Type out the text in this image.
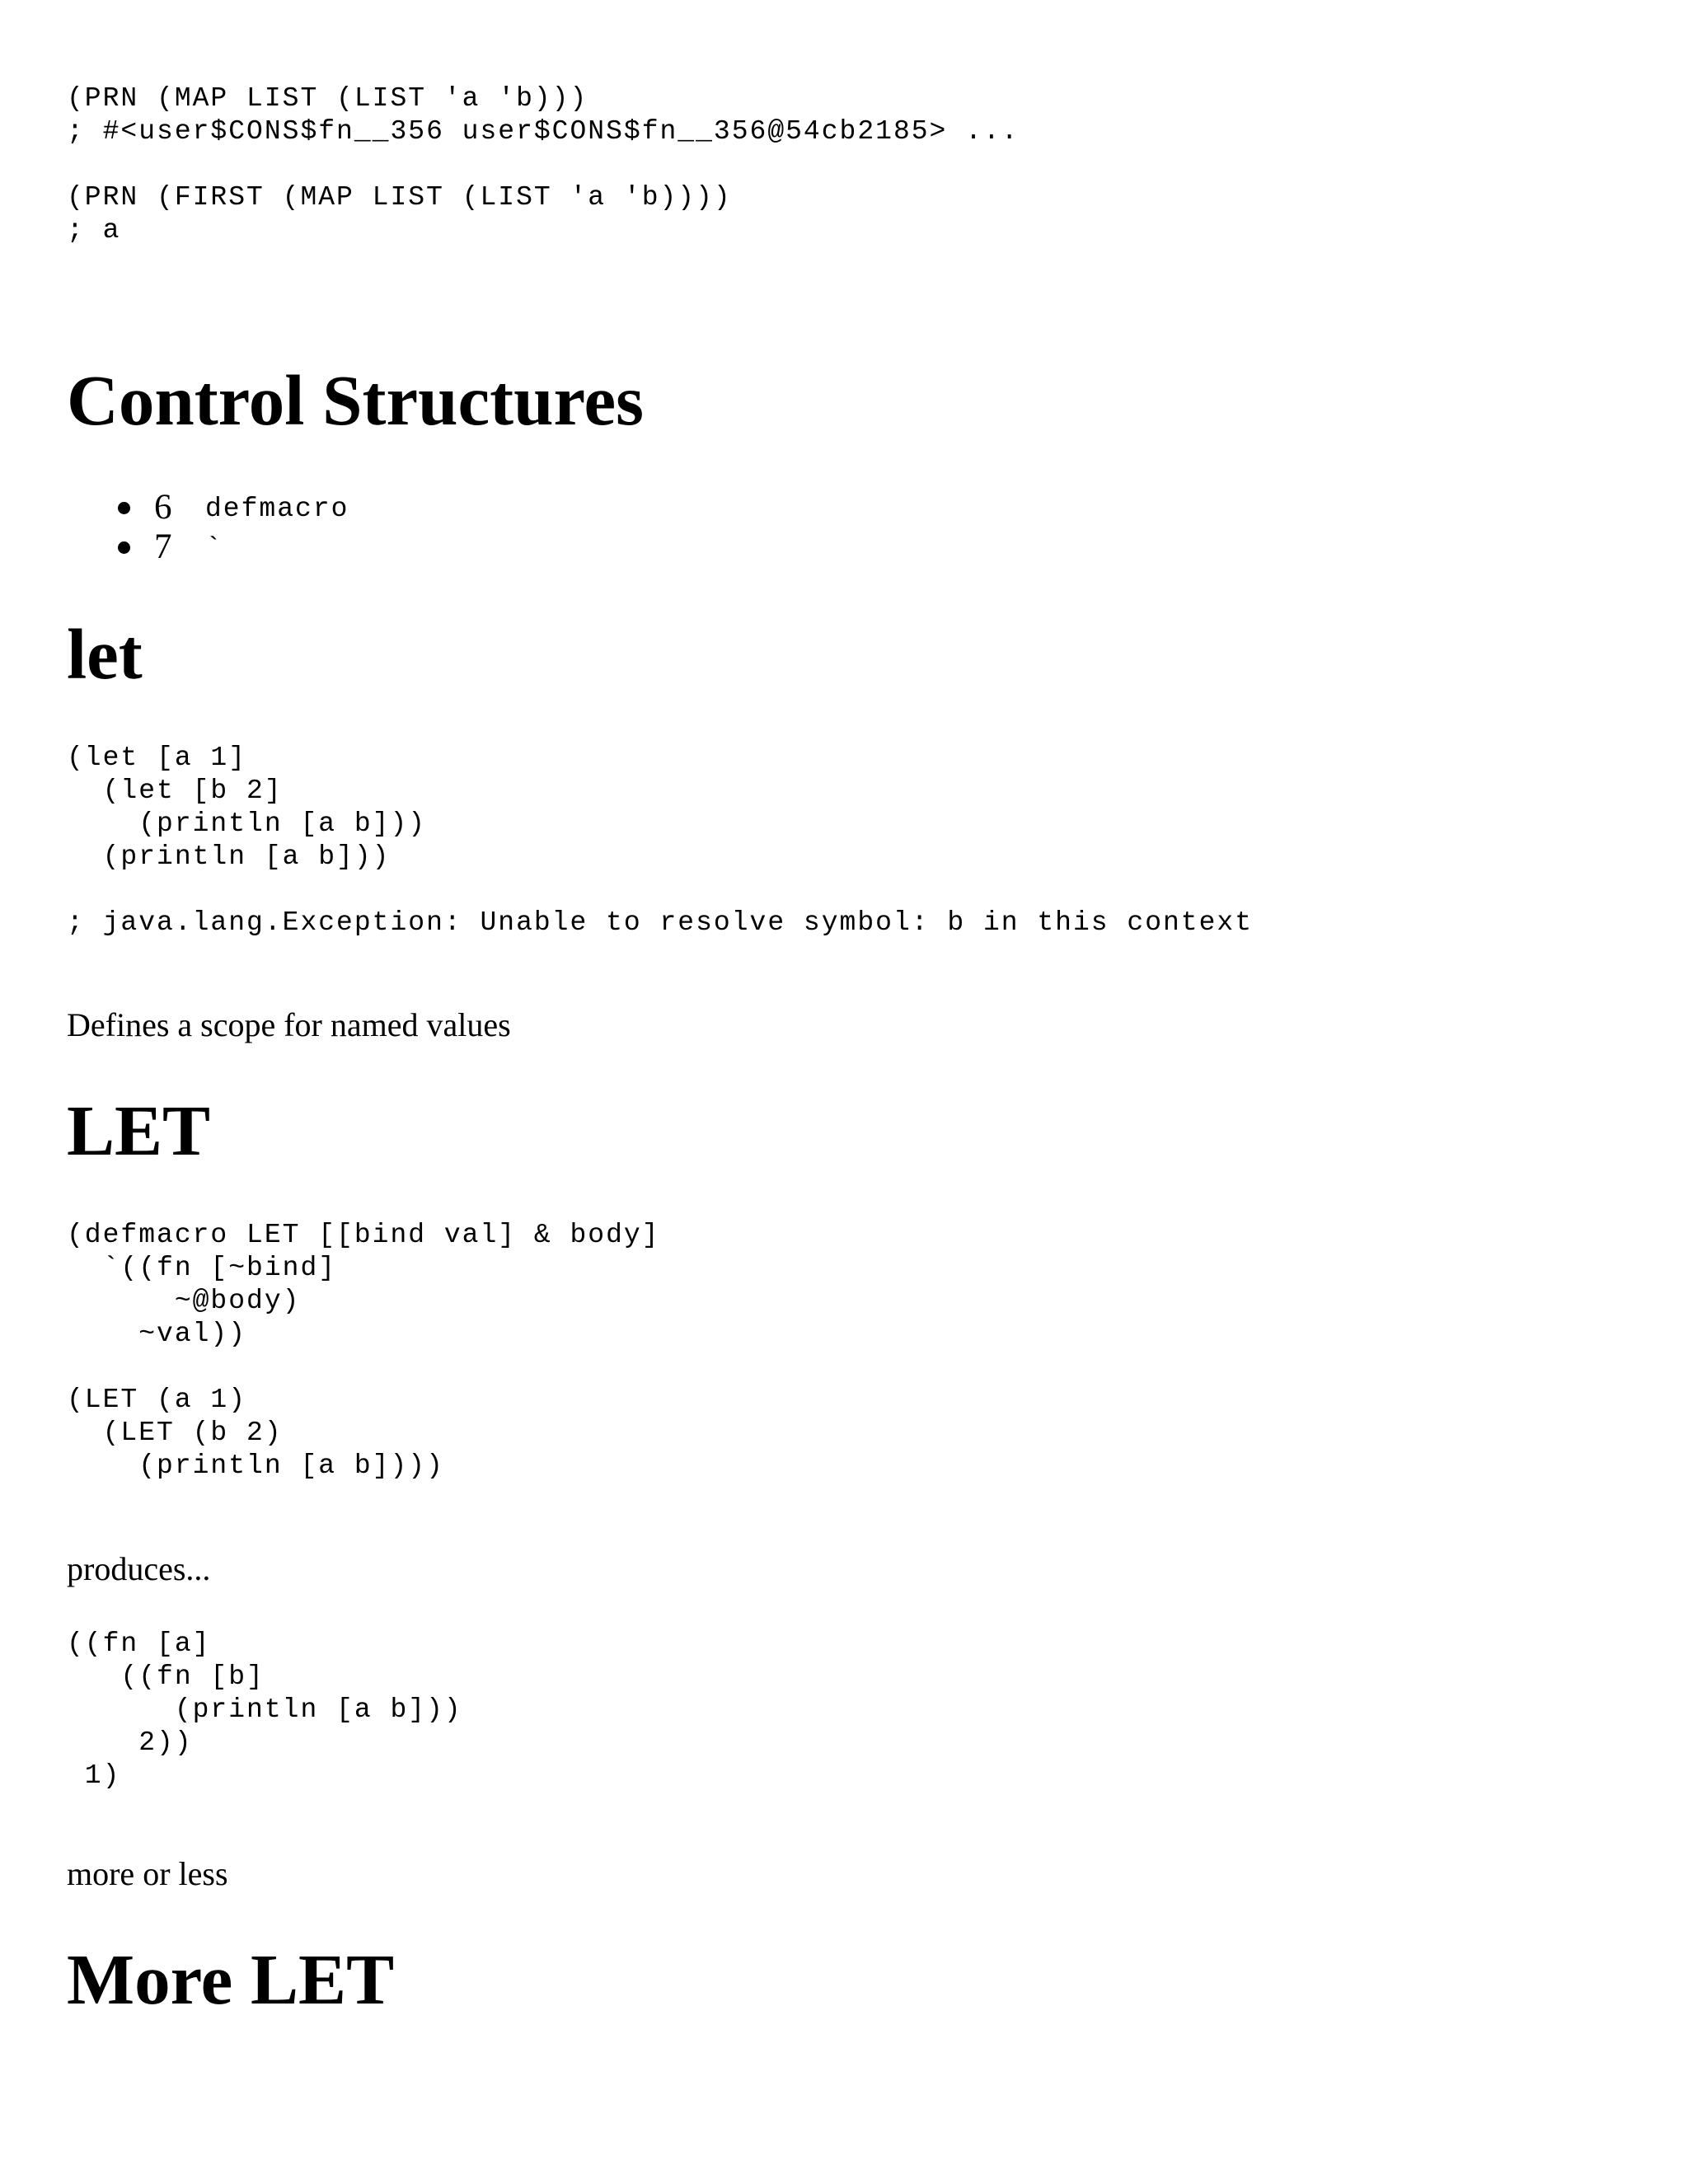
(PRN (MAP LIST (LIST 'a 'b)))
; #<user$CONS$fn__356 user$CONS$fn__356@54cb2185> ...

(PRN (FIRST (MAP LIST (LIST 'a 'b))))
; a
Control Structures
6 defmacro
7 `
let
(let [a 1]
(let [b 2]
(println [a b]))
(println [a b]))

; java.lang.Exception: Unable to resolve symbol: b in this context

Defines a scope for named values

LET
(defmacro LET [[bind val] & body]
`((fn [~bind]
~@body)
~val))

(LET (a 1)
(LET (b 2)
(println [a b])))

produces...

((fn [a]
((fn [b]
(println [a b]))
2))
1)

more or less

More LET
